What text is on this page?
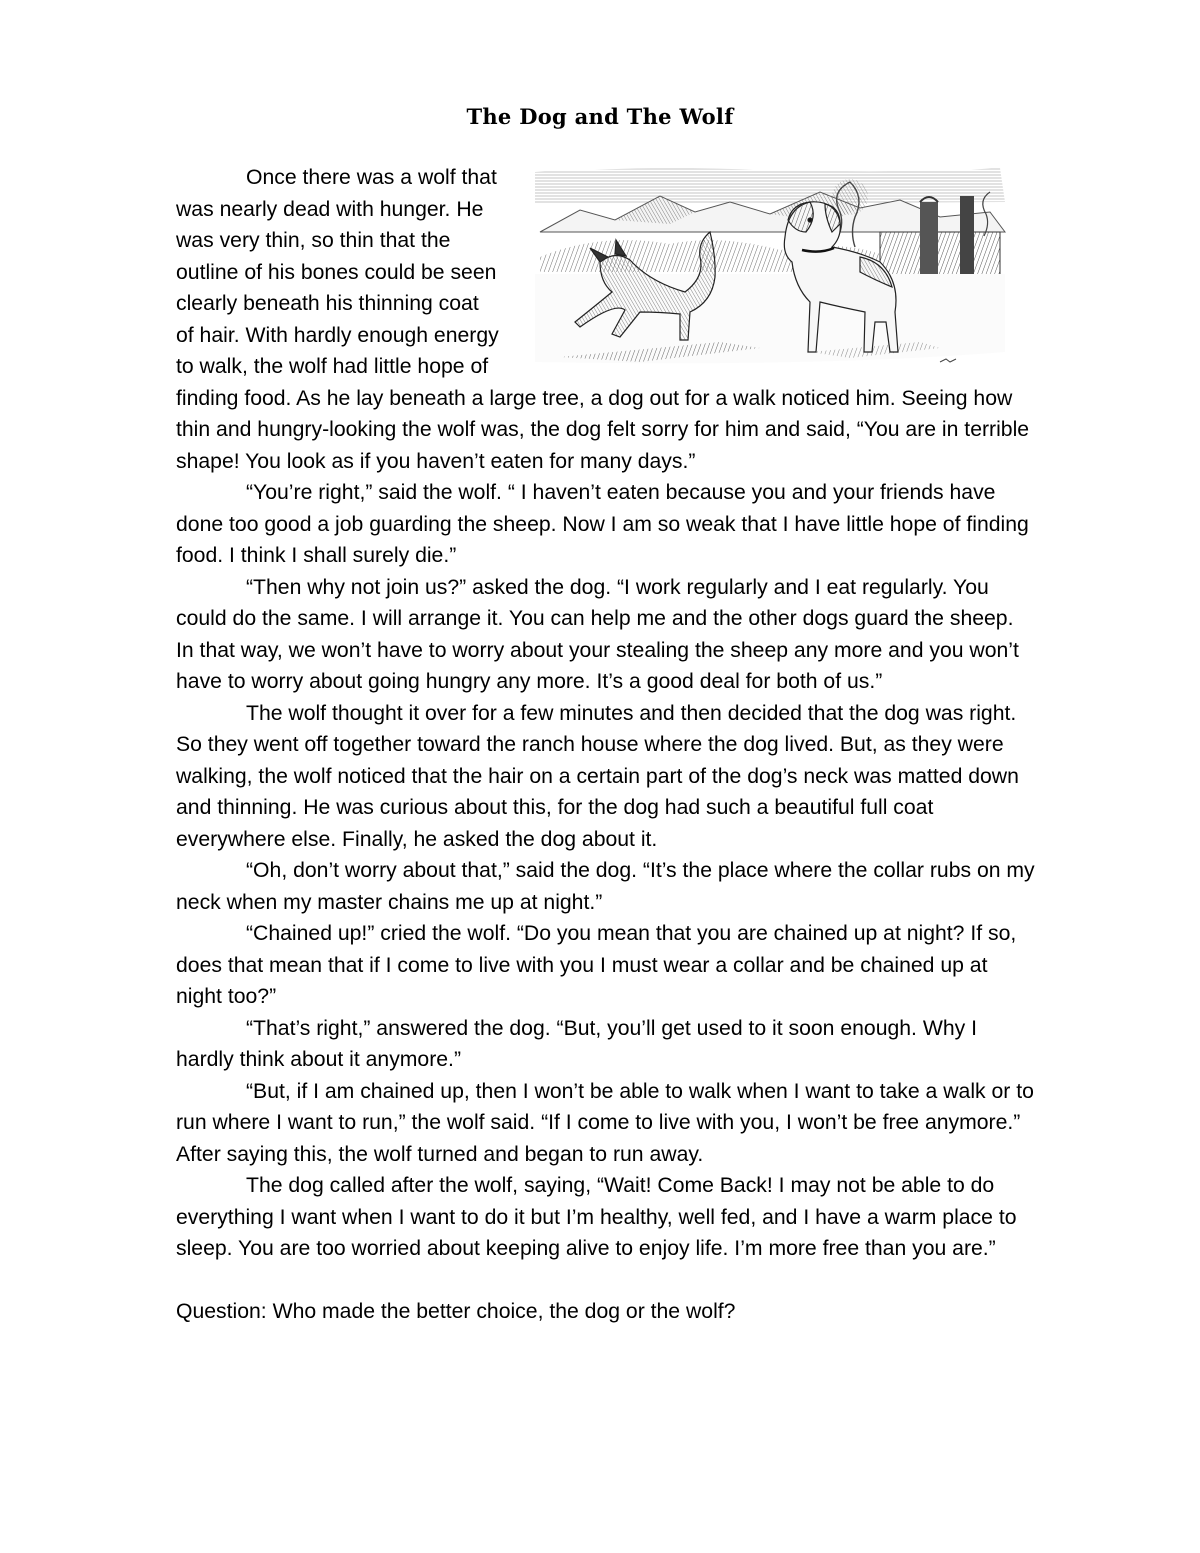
The Dog and The Wolf

Once there was a wolf that was nearly dead with hunger. He was very thin, so thin that the outline of his bones could be seen clearly beneath his thinning coat of hair. With hardly enough energy to walk, the wolf had little hope of finding food. As he lay beneath a large tree, a dog out for a walk noticed him. Seeing how thin and hungry-looking the wolf was, the dog felt sorry for him and said, “You are in terrible shape! You look as if you haven’t eaten for many days.”

“You’re right,” said the wolf. “ I haven’t eaten because you and your friends have done too good a job guarding the sheep. Now I am so weak that I have little hope of finding food. I think I shall surely die.”

“Then why not join us?” asked the dog. “I work regularly and I eat regularly. You could do the same. I will arrange it. You can help me and the other dogs guard the sheep. In that way, we won’t have to worry about your stealing the sheep any more and you won’t have to worry about going hungry any more. It’s a good deal for both of us.”

The wolf thought it over for a few minutes and then decided that the dog was right. So they went off together toward the ranch house where the dog lived. But, as they were walking, the wolf noticed that the hair on a certain part of the dog’s neck was matted down and thinning. He was curious about this, for the dog had such a beautiful full coat everywhere else. Finally, he asked the dog about it.

“Oh, don’t worry about that,” said the dog. “It’s the place where the collar rubs on my neck when my master chains me up at night.”

“Chained up!” cried the wolf. “Do you mean that you are chained up at night? If so, does that mean that if I come to live with you I must wear a collar and be chained up at night too?”

“That’s right,” answered the dog. “But, you’ll get used to it soon enough. Why I hardly think about it anymore.”

“But, if I am chained up, then I won’t be able to walk when I want to take a walk or to run where I want to run,” the wolf said. “If I come to live with you, I won’t be free anymore.” After saying this, the wolf turned and began to run away.

The dog called after the wolf, saying, “Wait! Come Back! I may not be able to do everything I want when I want to do it but I’m healthy, well fed, and I have a warm place to sleep. You are too worried about keeping alive to enjoy life. I’m more free than you are.”

Question: Who made the better choice, the dog or the wolf?
